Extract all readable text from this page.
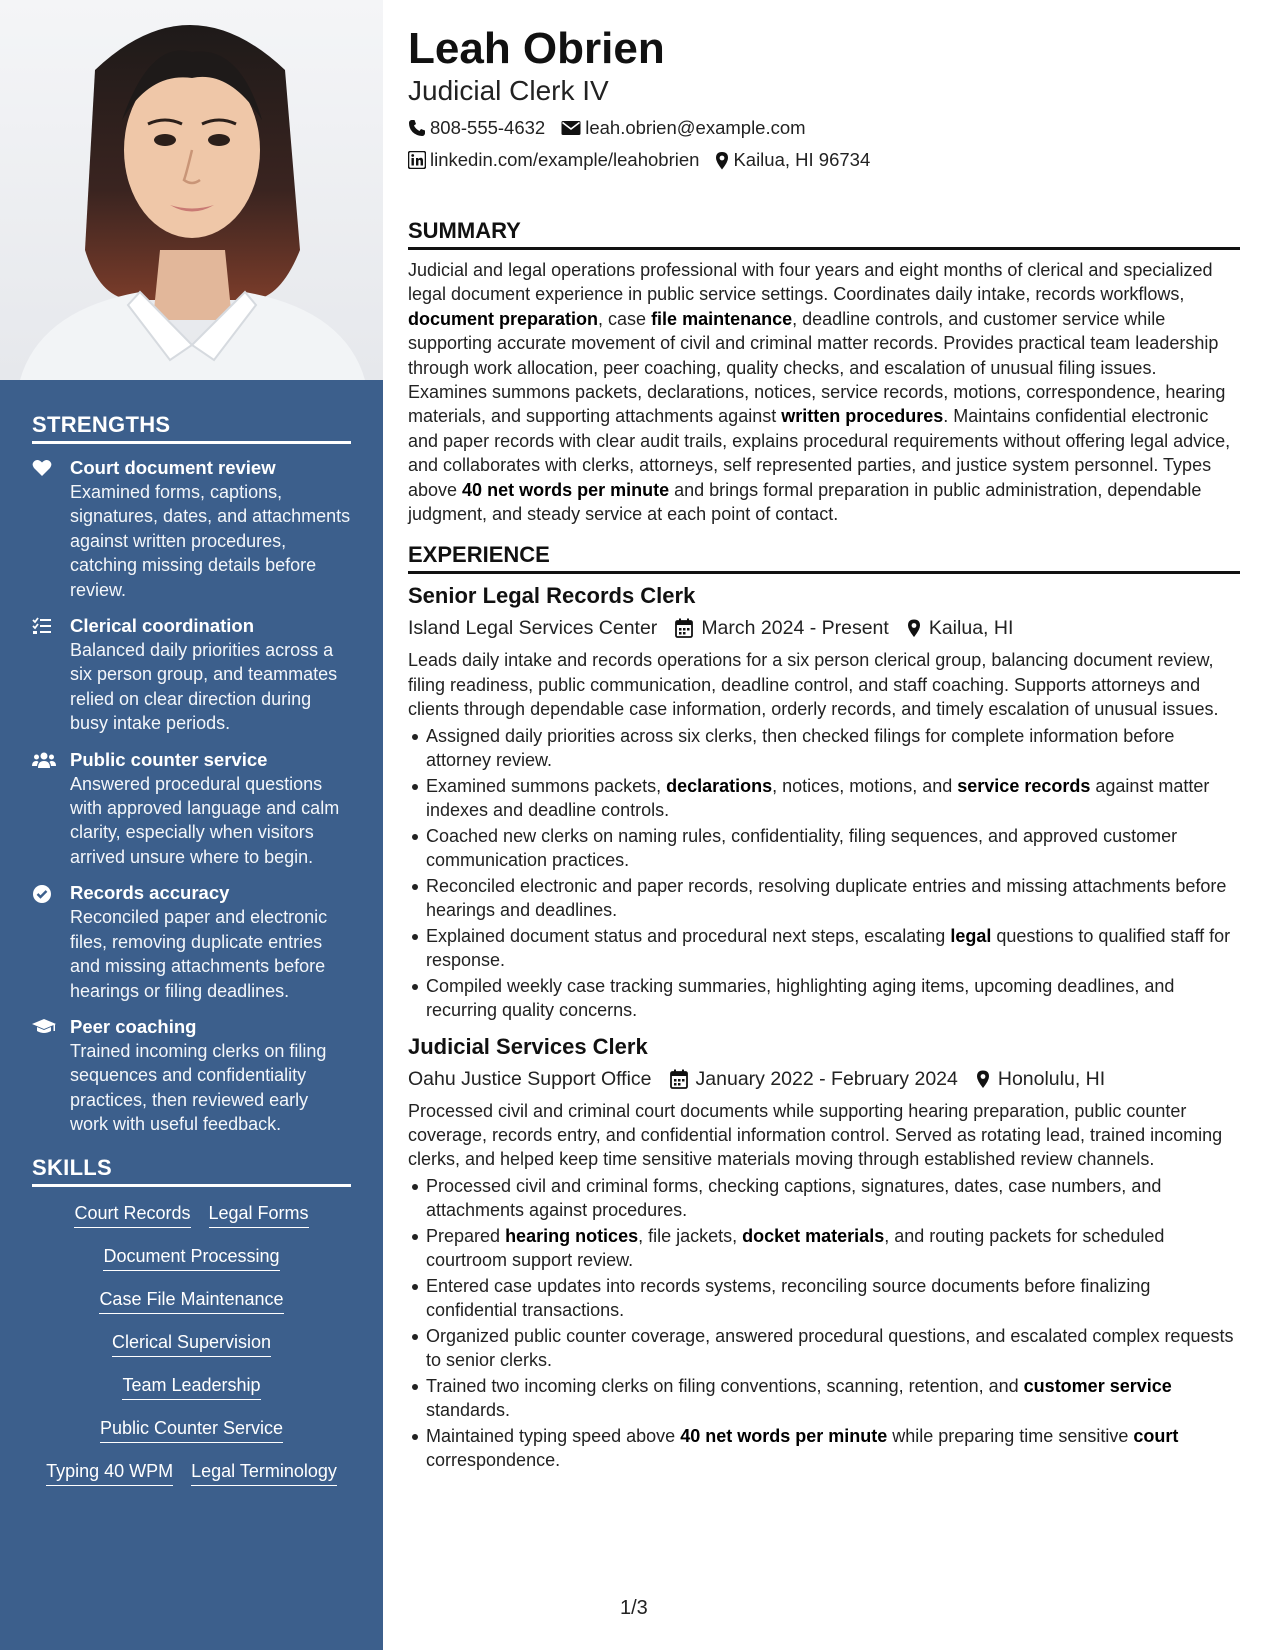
STRENGTHS
Court document review
Examined forms, captions, signatures, dates, and attachments against written procedures, catching missing details before review.
Clerical coordination
Balanced daily priorities across a six person group, and teammates relied on clear direction during busy intake periods.
Public counter service
Answered procedural questions with approved language and calm clarity, especially when visitors arrived unsure where to begin.
Records accuracy
Reconciled paper and electronic files, removing duplicate entries and missing attachments before hearings or filing deadlines.
Peer coaching
Trained incoming clerks on filing sequences and confidentiality practices, then reviewed early work with useful feedback.
SKILLS
Court Records Legal Forms
Document Processing
Case File Maintenance
Clerical Supervision
Team Leadership
Public Counter Service
Typing 40 WPM Legal Terminology
Leah Obrien
Judicial Clerk IV
808-555-4632 leah.obrien@example.com
linkedin.com/example/leahobrien Kailua, HI 96734
SUMMARY

Judicial and legal operations professional with four years and eight months of clerical and specialized legal document experience in public service settings. Coordinates daily intake, records workflows, document preparation, case file maintenance, deadline controls, and customer service while supporting accurate movement of civil and criminal matter records. Provides practical team leadership through work allocation, peer coaching, quality checks, and escalation of unusual filing issues. Examines summons packets, declarations, notices, service records, motions, correspondence, hearing materials, and supporting attachments against written procedures. Maintains confidential electronic and paper records with clear audit trails, explains procedural requirements without offering legal advice, and collaborates with clerks, attorneys, self represented parties, and justice system personnel. Types above 40 net words per minute and brings formal preparation in public administration, dependable judgment, and steady service at each point of contact.

EXPERIENCE
Senior Legal Records Clerk
Island Legal Services Center March 2024 - Present Kailua, HI

Leads daily intake and records operations for a six person clerical group, balancing document review, filing readiness, public communication, deadline control, and staff coaching. Supports attorneys and clients through dependable case information, orderly records, and timely escalation of unusual issues.

Assigned daily priorities across six clerks, then checked filings for complete information before attorney review.
Examined summons packets, declarations, notices, motions, and service records against matter indexes and deadline controls.
Coached new clerks on naming rules, confidentiality, filing sequences, and approved customer communication practices.
Reconciled electronic and paper records, resolving duplicate entries and missing attachments before hearings and deadlines.
Explained document status and procedural next steps, escalating legal questions to qualified staff for response.
Compiled weekly case tracking summaries, highlighting aging items, upcoming deadlines, and recurring quality concerns.
Judicial Services Clerk
Oahu Justice Support Office January 2022 - February 2024 Honolulu, HI

Processed civil and criminal court documents while supporting hearing preparation, public counter coverage, records entry, and confidential information control. Served as rotating lead, trained incoming clerks, and helped keep time sensitive materials moving through established review channels.

Processed civil and criminal forms, checking captions, signatures, dates, case numbers, and attachments against procedures.
Prepared hearing notices, file jackets, docket materials, and routing packets for scheduled courtroom support review.
Entered case updates into records systems, reconciling source documents before finalizing confidential transactions.
Organized public counter coverage, answered procedural questions, and escalated complex requests to senior clerks.
Trained two incoming clerks on filing conventions, scanning, retention, and customer service standards.
Maintained typing speed above 40 net words per minute while preparing time sensitive court correspondence.
1/3
